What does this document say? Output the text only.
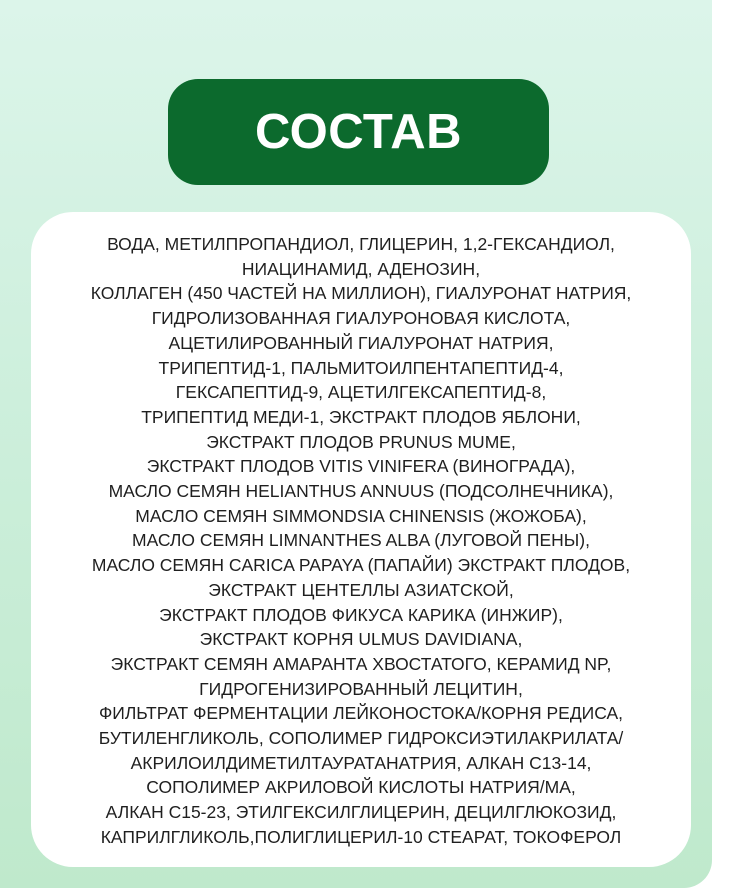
СОСТАВ
ВОДА, МЕТИЛПРОПАНДИОЛ, ГЛИЦЕРИН, 1,2-ГЕКСАНДИОЛ,
НИАЦИНАМИД, АДЕНОЗИН,
КОЛЛАГЕН (450 ЧАСТЕЙ НА МИЛЛИОН), ГИАЛУРОНАТ НАТРИЯ,
ГИДРОЛИЗОВАННАЯ ГИАЛУРОНОВАЯ КИСЛОТА,
АЦЕТИЛИРОВАННЫЙ ГИАЛУРОНАТ НАТРИЯ,
ТРИПЕПТИД-1, ПАЛЬМИТОИЛПЕНТАПЕПТИД-4,
ГЕКСАПЕПТИД-9, АЦЕТИЛГЕКСАПЕПТИД-8,
ТРИПЕПТИД МЕДИ-1, ЭКСТРАКТ ПЛОДОВ ЯБЛОНИ,
ЭКСТРАКТ ПЛОДОВ PRUNUS MUME,
ЭКСТРАКТ ПЛОДОВ VITIS VINIFERA (ВИНОГРАДА),
МАСЛО СЕМЯН HELIANTHUS ANNUUS (ПОДСОЛНЕЧНИКА),
МАСЛО СЕМЯН SIMMONDSIA CHINENSIS (ЖОЖОБА),
МАСЛО СЕМЯН LIMNANTHES ALBA (ЛУГОВОЙ ПЕНЫ),
МАСЛО СЕМЯН CARICA PAPAYA (ПАПАЙИ) ЭКСТРАКТ ПЛОДОВ,
ЭКСТРАКТ ЦЕНТЕЛЛЫ АЗИАТСКОЙ,
ЭКСТРАКТ ПЛОДОВ ФИКУСА КАРИКА (ИНЖИР),
ЭКСТРАКТ КОРНЯ ULMUS DAVIDIANA,
ЭКСТРАКТ СЕМЯН АМАРАНТА ХВОСТАТОГО, КЕРАМИД NP,
ГИДРОГЕНИЗИРОВАННЫЙ ЛЕЦИТИН,
ФИЛЬТРАТ ФЕРМЕНТАЦИИ ЛЕЙКОНОСТОКА/КОРНЯ РЕДИСА,
БУТИЛЕНГЛИКОЛЬ, СОПОЛИМЕР ГИДРОКСИЭТИЛАКРИЛАТА/
АКРИЛОИЛДИМЕТИЛТАУРАТАНАТРИЯ, АЛКАН С13-14,
СОПОЛИМЕР АКРИЛОВОЙ КИСЛОТЫ НАТРИЯ/МА,
АЛКАН С15-23, ЭТИЛГЕКСИЛГЛИЦЕРИН, ДЕЦИЛГЛЮКОЗИД,
КАПРИЛГЛИКОЛЬ,ПОЛИГЛИЦЕРИЛ-10 СТЕАРАТ, ТОКОФЕРОЛ
